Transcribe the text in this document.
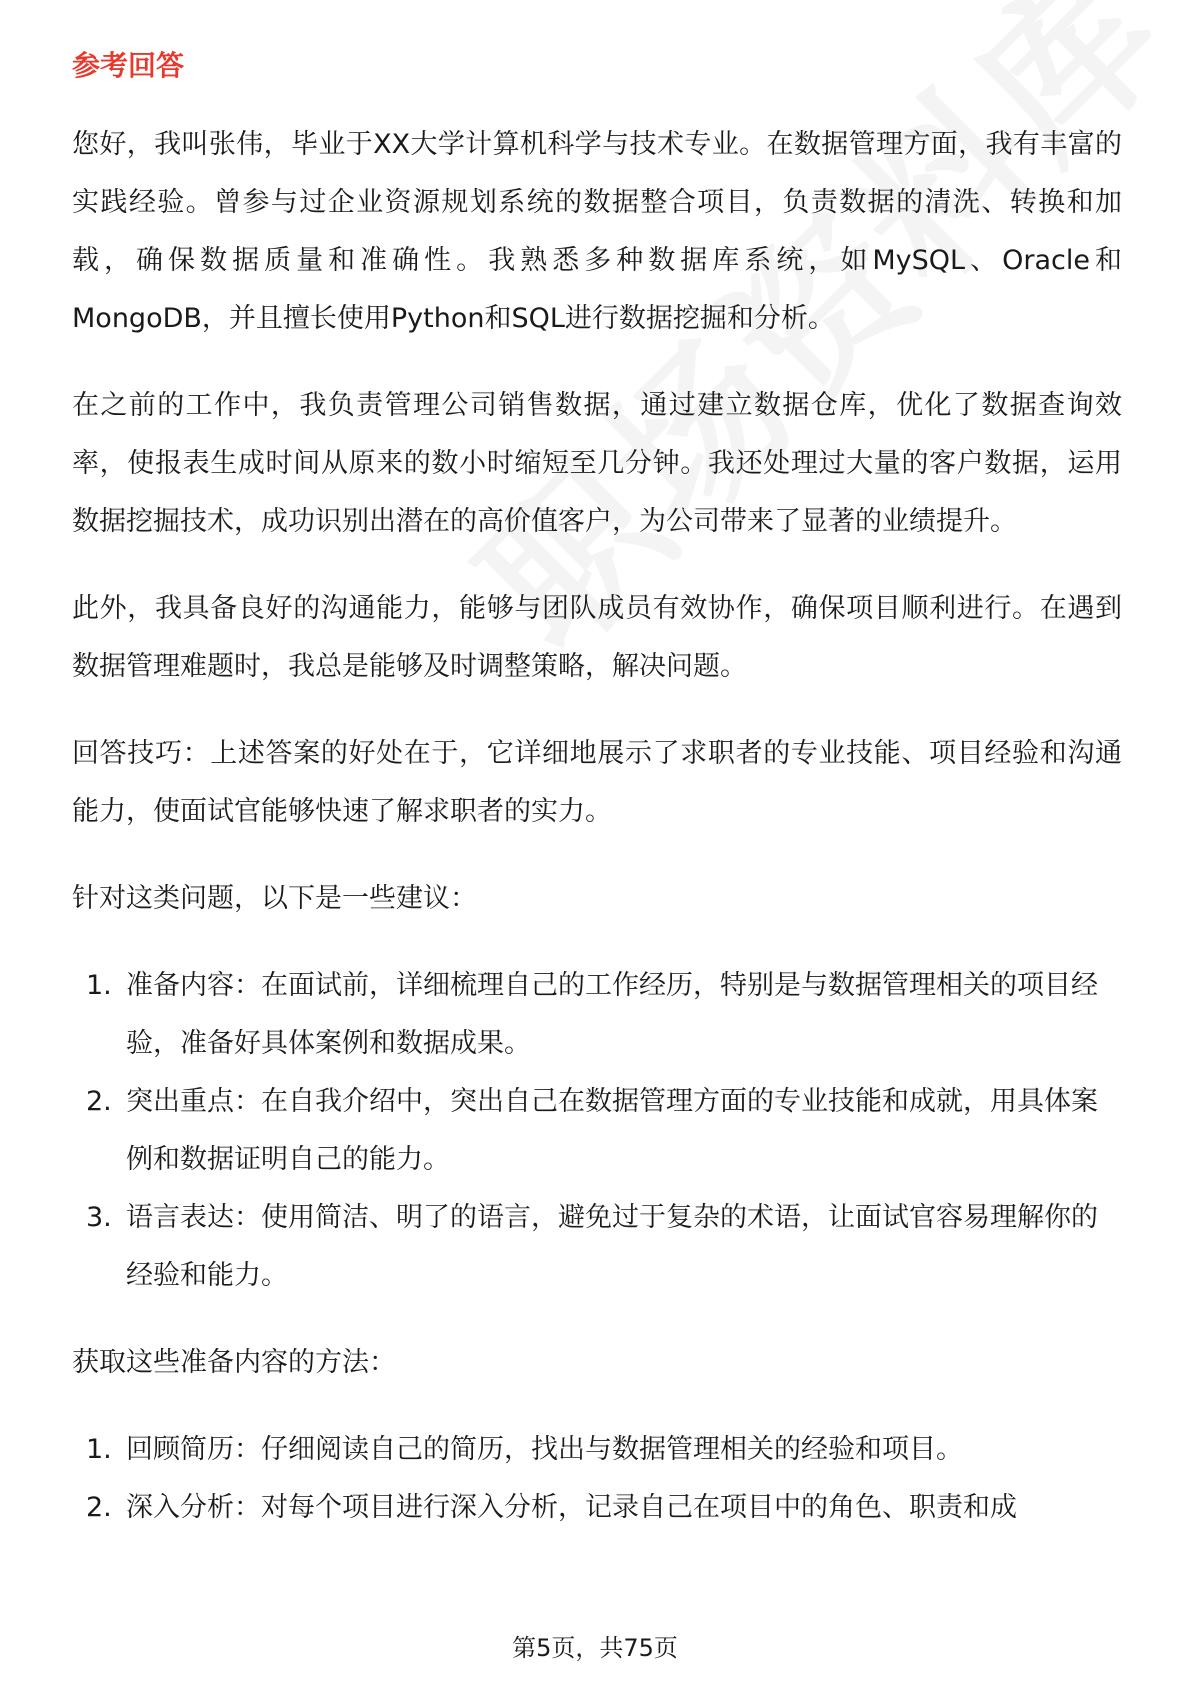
参考回答

您好，我叫张伟，毕业于XX大学计算机科学与技术专业。在数据管理方面，我有丰富的实践经验。曾参与过企业资源规划系统的数据整合项目，负责数据的清洗、转换和加载，确保数据质量和准确性。我熟悉多种数据库系统，如MySQL、Oracle和MongoDB，并且擅长使用Python和SQL进行数据挖掘和分析。

在之前的工作中，我负责管理公司销售数据，通过建立数据仓库，优化了数据查询效率，使报表生成时间从原来的数小时缩短至几分钟。我还处理过大量的客户数据，运用数据挖掘技术，成功识别出潜在的高价值客户，为公司带来了显著的业绩提升。

此外，我具备良好的沟通能力，能够与团队成员有效协作，确保项目顺利进行。在遇到数据管理难题时，我总是能够及时调整策略，解决问题。

回答技巧：上述答案的好处在于，它详细地展示了求职者的专业技能、项目经验和沟通能力，使面试官能够快速了解求职者的实力。

针对这类问题，以下是一些建议：

1. 准备内容：在面试前，详细梳理自己的工作经历，特别是与数据管理相关的项目经验，准备好具体案例和数据成果。
2. 突出重点：在自我介绍中，突出自己在数据管理方面的专业技能和成就，用具体案例和数据证明自己的能力。
3. 语言表达：使用简洁、明了的语言，避免过于复杂的术语，让面试官容易理解你的经验和能力。

获取这些准备内容的方法：

1. 回顾简历：仔细阅读自己的简历，找出与数据管理相关的经验和项目。
2. 深入分析：对每个项目进行深入分析，记录自己在项目中的角色、职责和成
第5页，共75页
